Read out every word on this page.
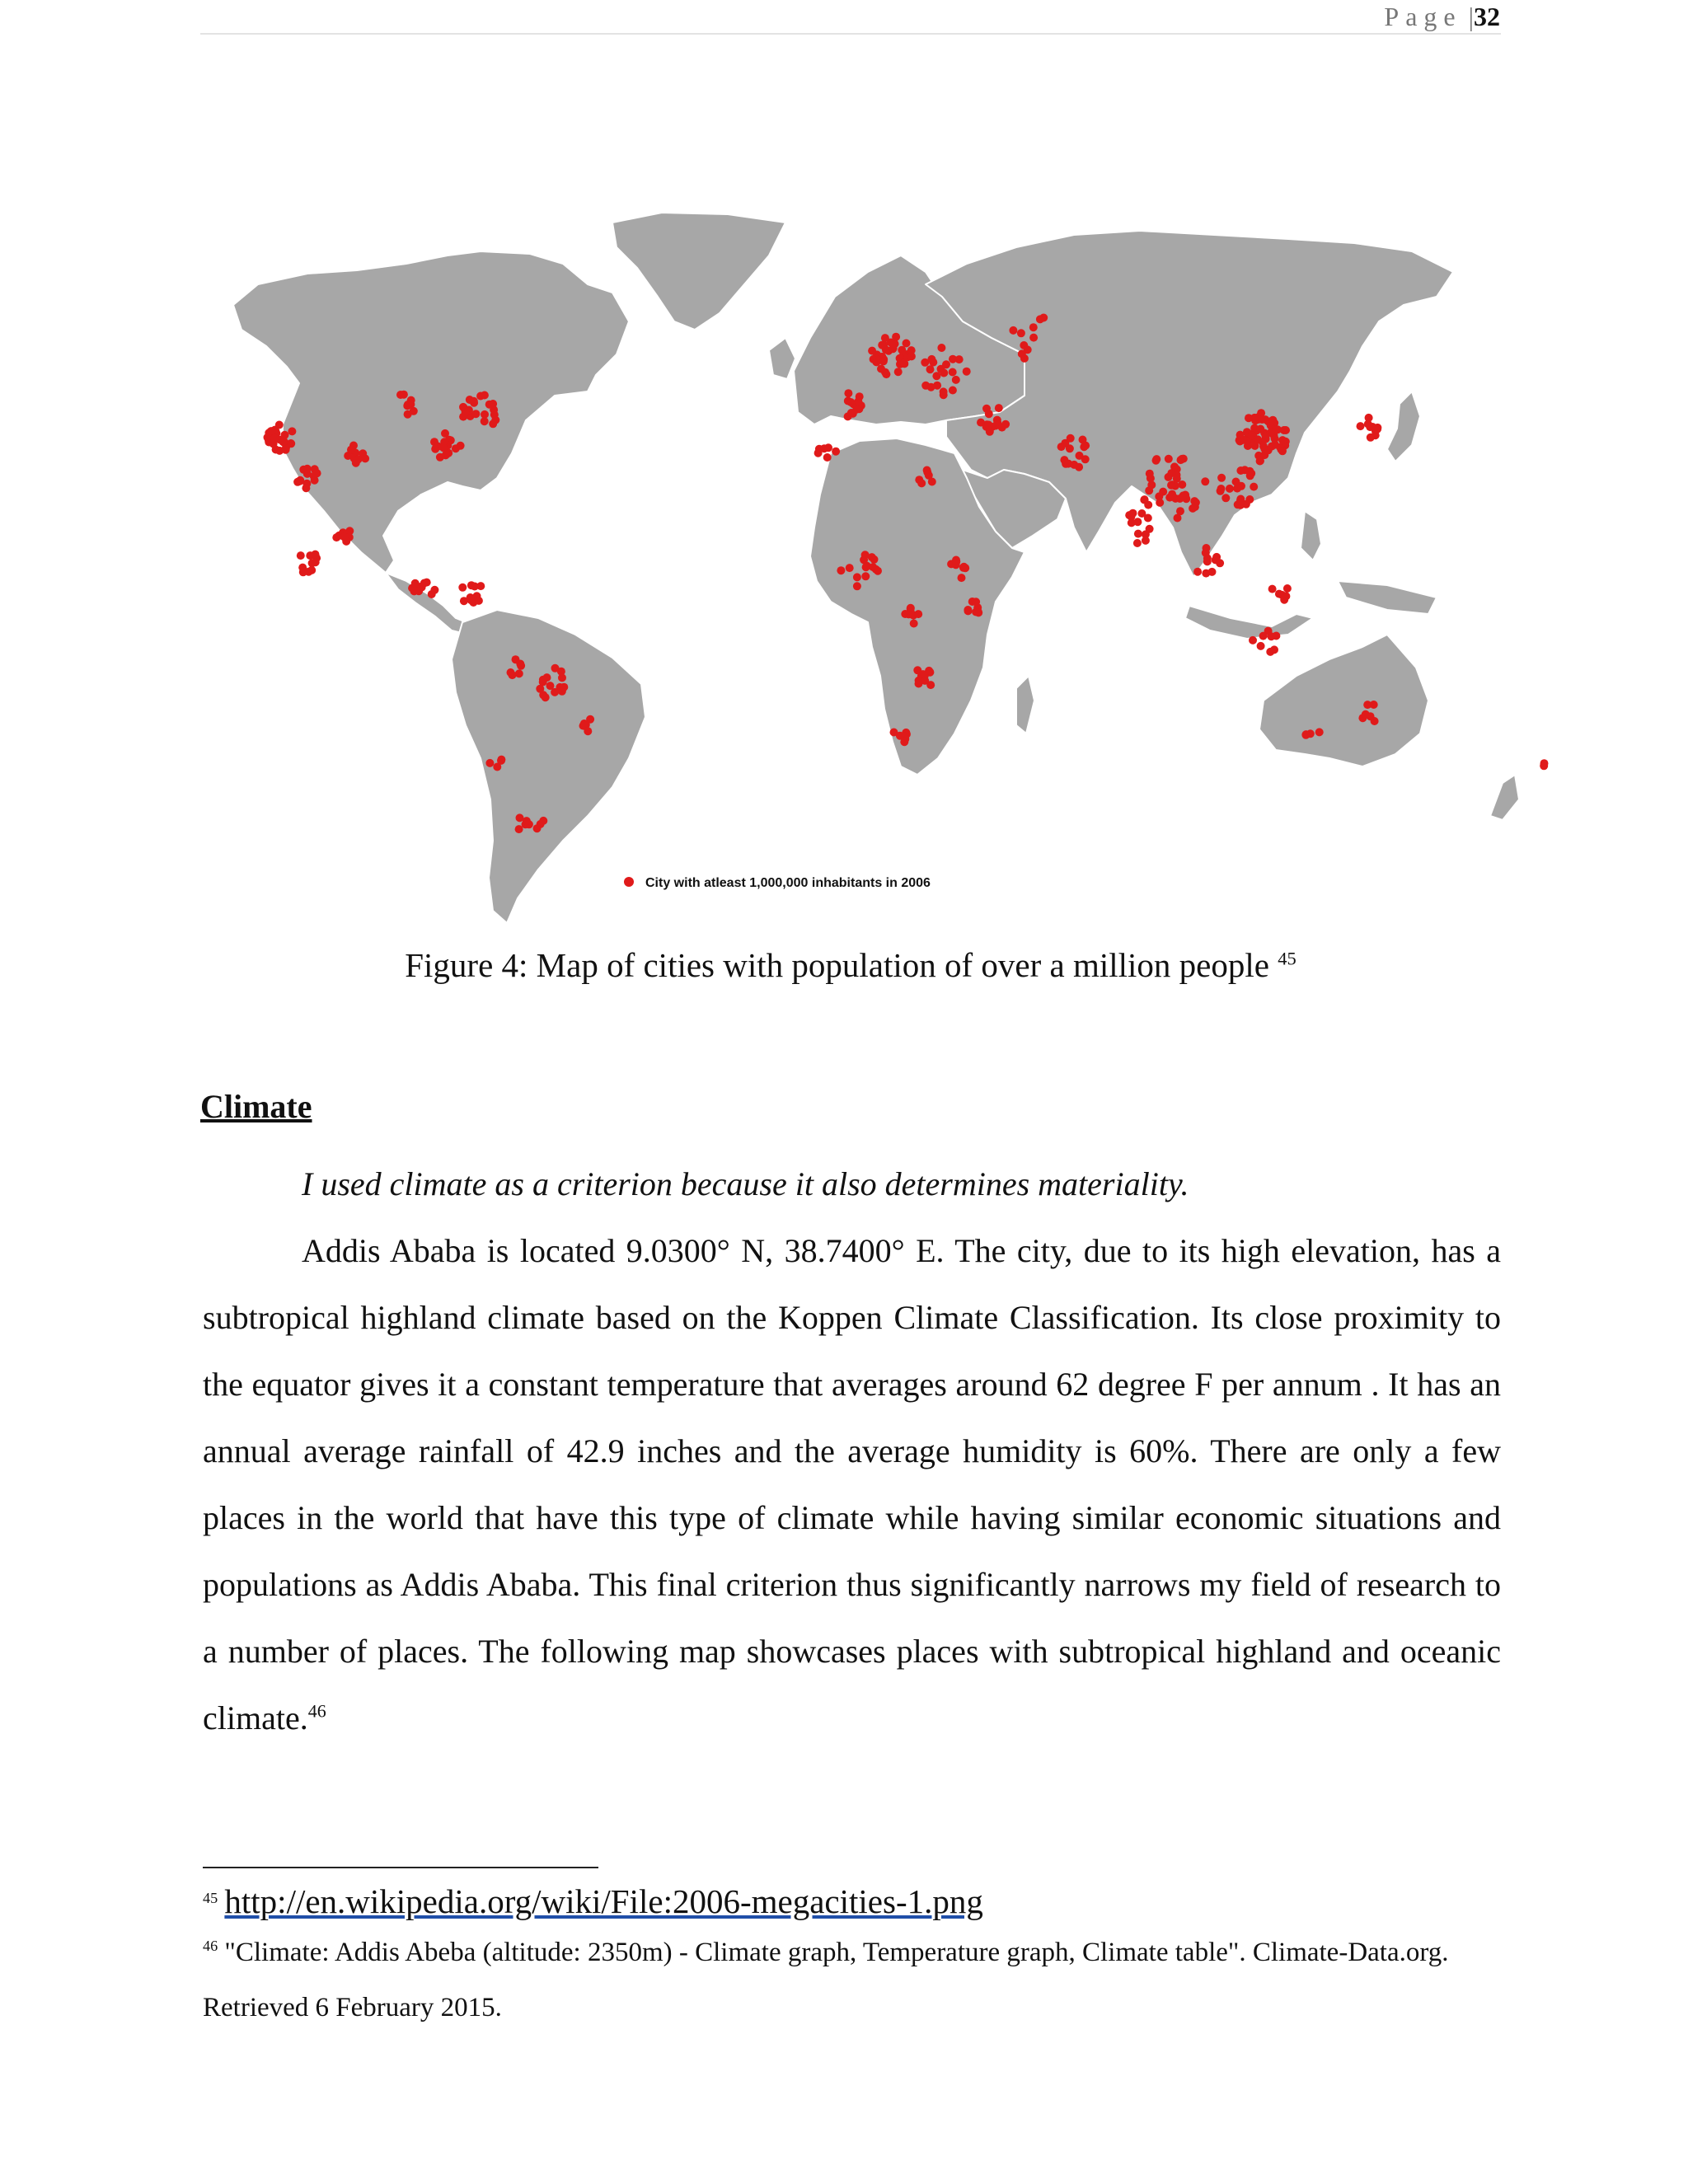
Page |32
City with atleast 1,000,000 inhabitants in 2006
Figure 4: Map of cities with population of over a million people $^{45}$
Climate
I used climate as a criterion because it also determines materiality.
Addis Ababa is located 9.0300° N, 38.7400° E. The city, due to its high elevation, has a subtropical highland climate based on the Koppen Climate Classification. Its close proximity to the equator gives it a constant temperature that averages around 62 degree F per annum . It has an annual average rainfall of 42.9 inches and the average humidity is 60%. There are only a few places in the world that have this type of climate while having similar economic situations and populations as Addis Ababa. This final criterion thus significantly narrows my field of research to a number of places. The following map showcases places with subtropical highland and oceanic climate.$^{46}$
$^{45}$ http://en.wikipedia.org/wiki/File:2006-megacities-1.png
$^{46}$ "Climate: Addis Abeba (altitude: 2350m) - Climate graph, Temperature graph, Climate table". Climate-Data.org. Retrieved 6 February 2015.
